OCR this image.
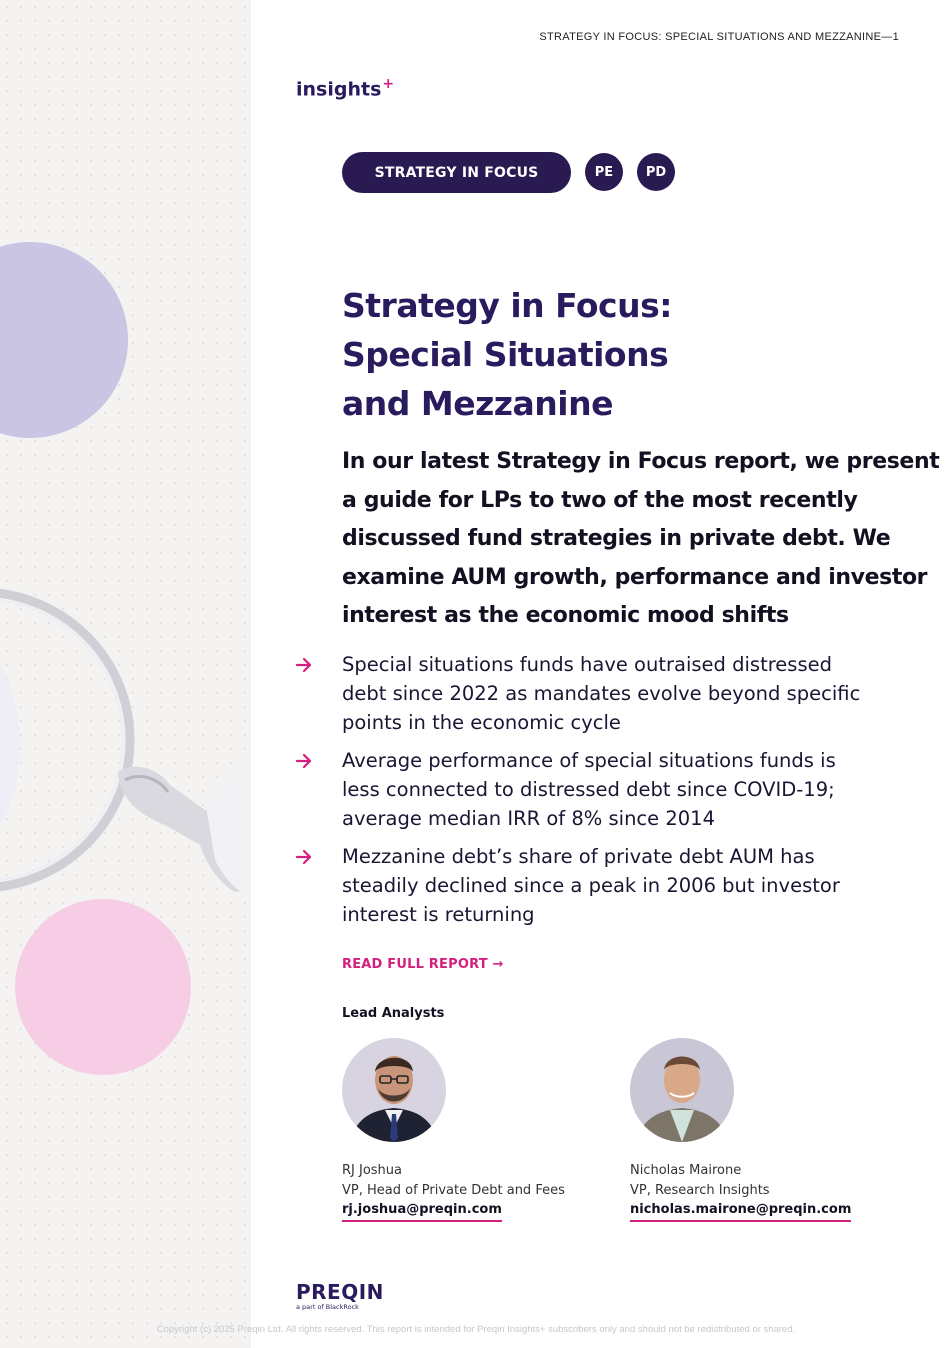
STRATEGY IN FOCUS: SPECIAL SITUATIONS AND MEZZANINE—1
insights+
STRATEGY IN FOCUS	PE	PD
Strategy in Focus:
Special Situations
and Mezzanine

In our latest Strategy in Focus report, we present
a guide for LPs to two of the most recently
discussed fund strategies in private debt. We
examine AUM growth, performance and investor
interest as the economic mood shifts

Special situations funds have outraised distressed
debt since 2022 as mandates evolve beyond specific
points in the economic cycle
Average performance of special situations funds is
less connected to distressed debt since COVID-19;
average median IRR of 8% since 2014
Mezzanine debt’s share of private debt AUM has
steadily declined since a peak in 2006 but investor
interest is returning
READ FULL REPORT →
Lead Analysts
RJ Joshua
VP, Head of Private Debt and Fees
rj.joshua@preqin.com
Nicholas Mairone
VP, Research Insights
nicholas.mairone@preqin.com
PREQIN
a part of BlackRock
Copyright (c) 2025 Preqin Ltd. All rights reserved. This report is intended for Preqin Insights+ subscribers only and should not be redistributed or shared.
